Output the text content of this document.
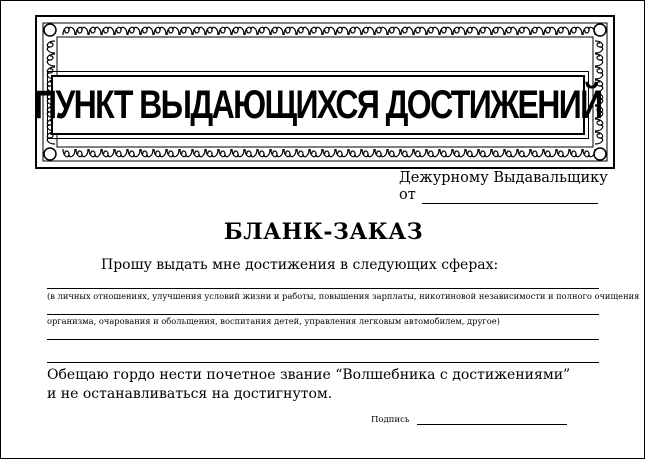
ПУНКТ ВЫДАЮЩИХСЯ ДОСТИЖЕНИЙ
Дежурному Выдавальщику
от
БЛАНК-ЗАКАЗ
Прошу выдать мне достижения в следующих сферах:
(в личных отношениях, улучшения условий жизни и работы, повышения зарплаты, никотиновой независимости и полного очищения
организма, очарования и обольщения, воспитания детей, управления легковым автомобилем, другое)
Обещаю гордо нести почетное звание “Волшебника с достижениями”
и не останавливаться на достигнутом.
Подпись
